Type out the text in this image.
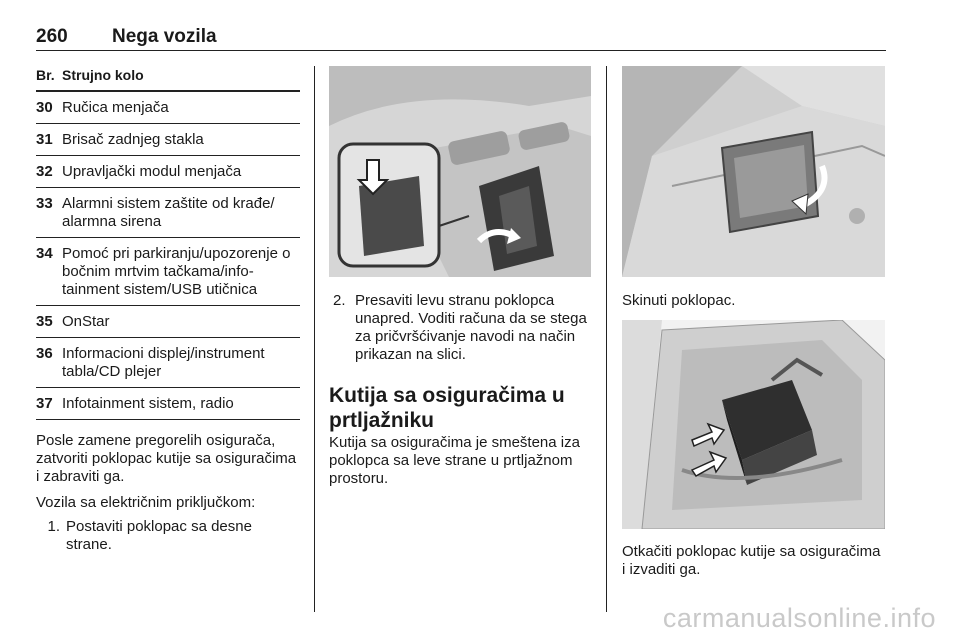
260 Nega vozila
Br. Strujno kolo
30 Ručica menjača
31 Brisač zadnjeg stakla
32 Upravljački modul menjača
33 Alarmni sistem zaštite od krađe/ alarmna sirena
34 Pomoć pri parkiranju/upozorenje o bočnim mrtvim tačkama/info-tainment sistem/USB utičnica
35 OnStar
36 Informacioni displej/instrument tabla/CD plejer
37 Infotainment sistem, radio

Posle zamene pregorelih osigurača, zatvoriti poklopac kutije sa osiguračima i zabraviti ga.

Vozila sa električnim priključkom:

1. Postaviti poklopac sa desne strane.
2. Presaviti levu stranu poklopca unapred. Voditi računa da se stega za pričvršćivanje navodi na način prikazan na slici.
Kutija sa osiguračima u prtljažniku
Kutija sa osiguračima je smeštena iza poklopca sa leve strane u prtljažnom prostoru.
Skinuti poklopac.
Otkačiti poklopac kutije sa osiguračima i izvaditi ga.
carmanualsonline.info
